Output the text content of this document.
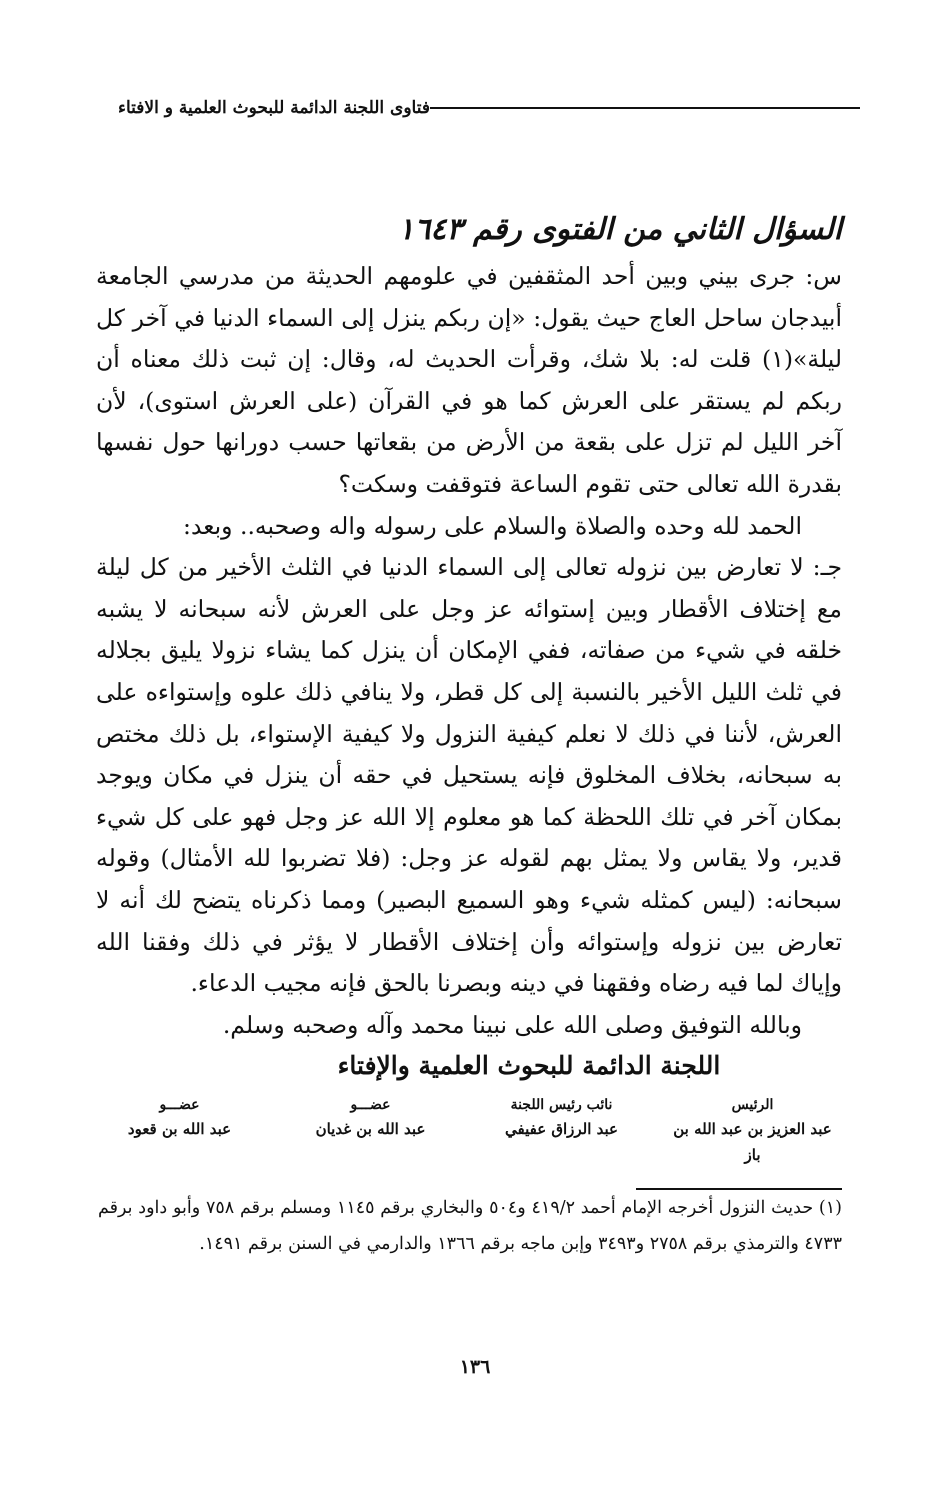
فتاوى اللجنة الدائمة للبحوث العلمية و الافتاء
السؤال الثاني من الفتوى رقم ١٦٤٣

س: جرى بيني وبين أحد المثقفين في علومهم الحديثة من مدرسي الجامعة أبيدجان ساحل العاج حيث يقول: «إن ربكم ينزل إلى السماء الدنيا في آخر كل ليلة»(١) قلت له: بلا شك، وقرأت الحديث له، وقال: إن ثبت ذلك معناه أن ربكم لم يستقر على العرش كما هو في القرآن (على العرش استوى)، لأن آخر الليل لم تزل على بقعة من الأرض من بقعاتها حسب دورانها حول نفسها بقدرة الله تعالى حتى تقوم الساعة فتوقفت وسكت؟

الحمد لله وحده والصلاة والسلام على رسوله واله وصحبه.. وبعد:

جـ: لا تعارض بين نزوله تعالى إلى السماء الدنيا في الثلث الأخير من كل ليلة مع إختلاف الأقطار وبين إستوائه عز وجل على العرش لأنه سبحانه لا يشبه خلقه في شيء من صفاته، ففي الإمكان أن ينزل كما يشاء نزولا يليق بجلاله في ثلث الليل الأخير بالنسبة إلى كل قطر، ولا ينافي ذلك علوه وإستواءه على العرش، لأننا في ذلك لا نعلم كيفية النزول ولا كيفية الإستواء، بل ذلك مختص به سبحانه، بخلاف المخلوق فإنه يستحيل في حقه أن ينزل في مكان ويوجد بمكان آخر في تلك اللحظة كما هو معلوم إلا الله عز وجل فهو على كل شيء قدير، ولا يقاس ولا يمثل بهم لقوله عز وجل: (فلا تضربوا لله الأمثال) وقوله سبحانه: (ليس كمثله شيء وهو السميع البصير) ومما ذكرناه يتضح لك أنه لا تعارض بين نزوله وإستوائه وأن إختلاف الأقطار لا يؤثر في ذلك وفقنا الله وإياك لما فيه رضاه وفقهنا في دينه وبصرنا بالحق فإنه مجيب الدعاء.

وبالله التوفيق وصلى الله على نبينا محمد وآله وصحبه وسلم.

اللجنة الدائمة للبحوث العلمية والإفتاء

عضـــو
عبد الله بن قعود
عضـــو
عبد الله بن غديان
نائب رئيس اللجنة
عبد الرزاق عفيفي
الرئيس
عبد العزيز بن عبد الله بن باز

(١) حديث النزول أخرجه الإمام أحمد ٤١٩/٢ و٥٠٤ والبخاري برقم ١١٤٥ ومسلم برقم ٧٥٨ وأبو داود برقم ٤٧٣٣ والترمذي برقم ٢٧٥٨ و٣٤٩٣ وإبن ماجه برقم ١٣٦٦ والدارمي في السنن برقم ١٤٩١.

١٣٦
